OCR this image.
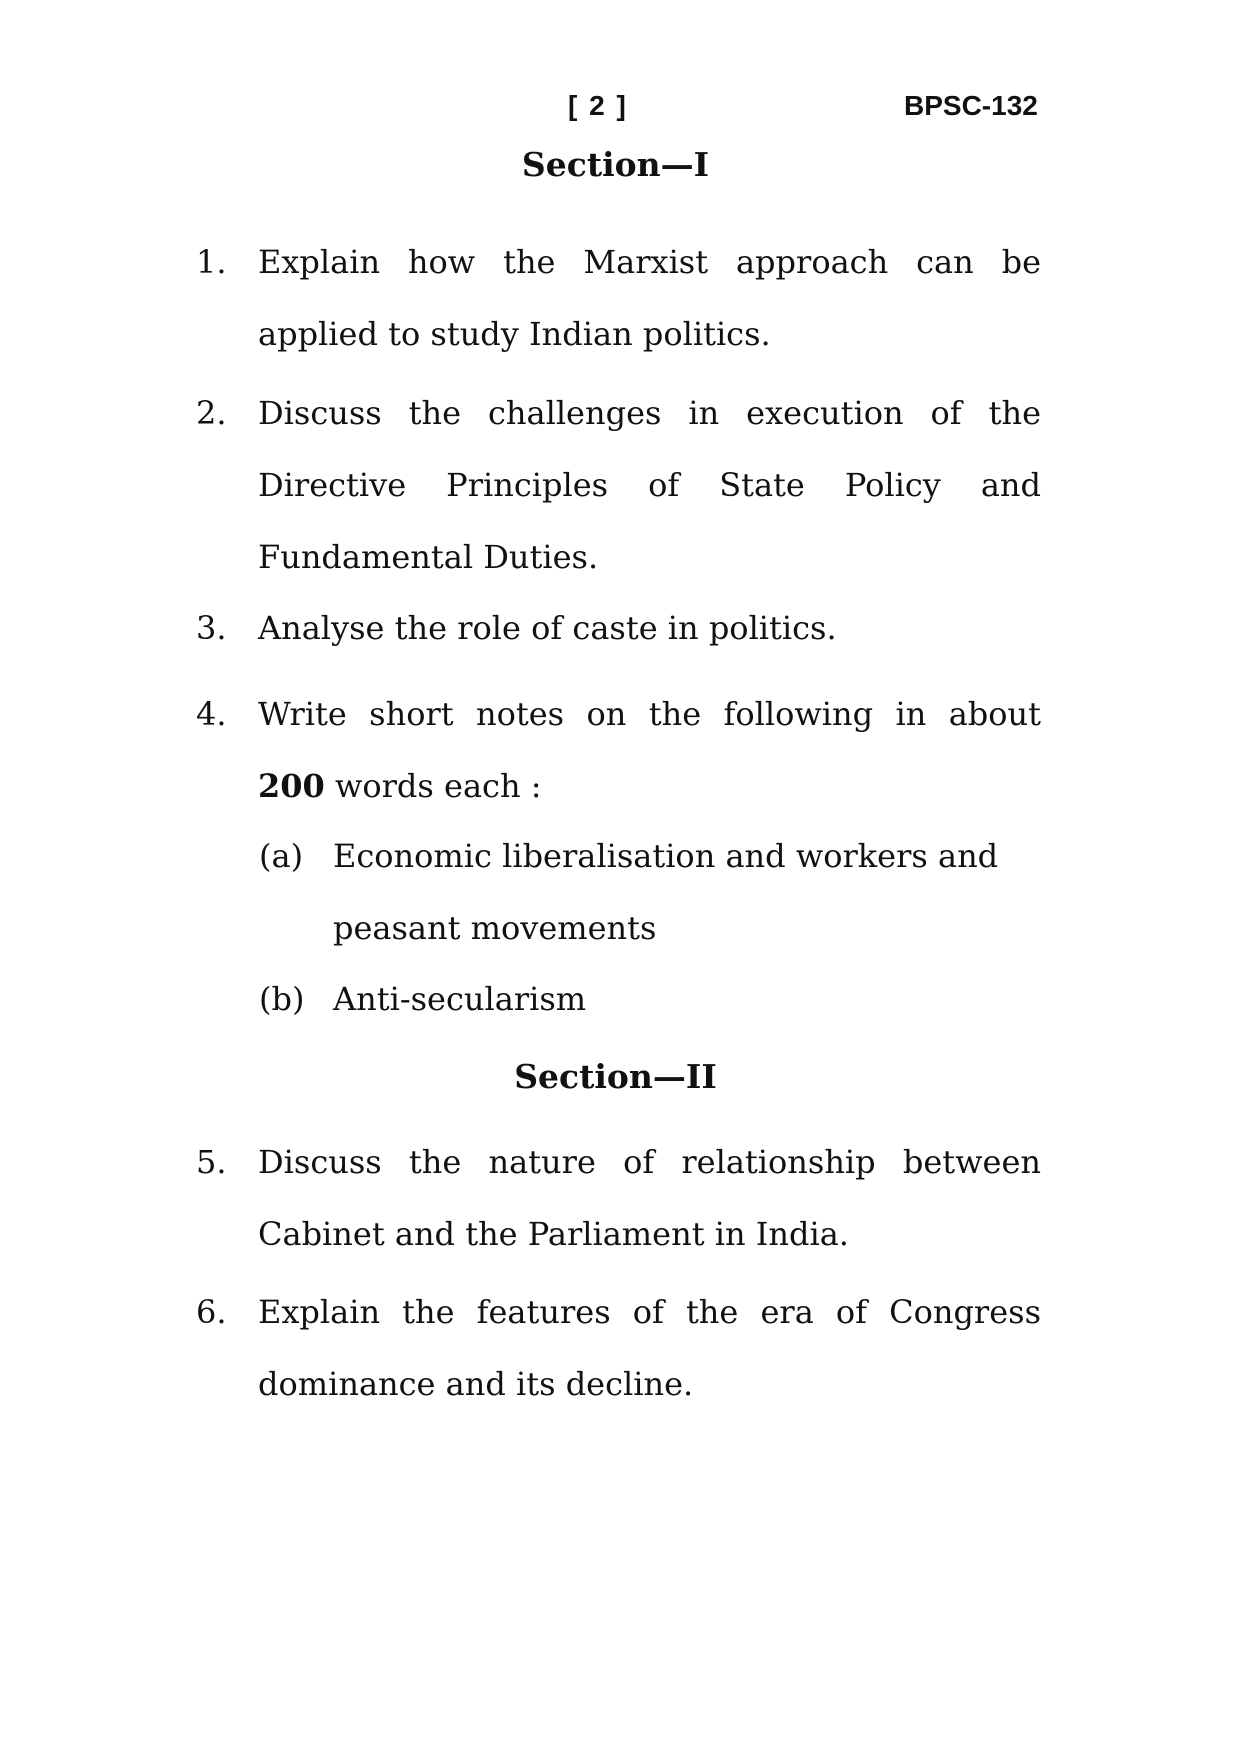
[ 2 ]	BPSC-132
Section—I
1. Explain how the Marxist approach can be
applied to study Indian politics.
2. Discuss the challenges in execution of the
Directive Principles of State Policy and
Fundamental Duties.
3. Analyse the role of caste in politics.
4. Write short notes on the following in about
200 words each :
(a) Economic liberalisation and workers and
peasant movements
(b) Anti-secularism
Section—II
5. Discuss the nature of relationship between
Cabinet and the Parliament in India.
6. Explain the features of the era of Congress
dominance and its decline.
